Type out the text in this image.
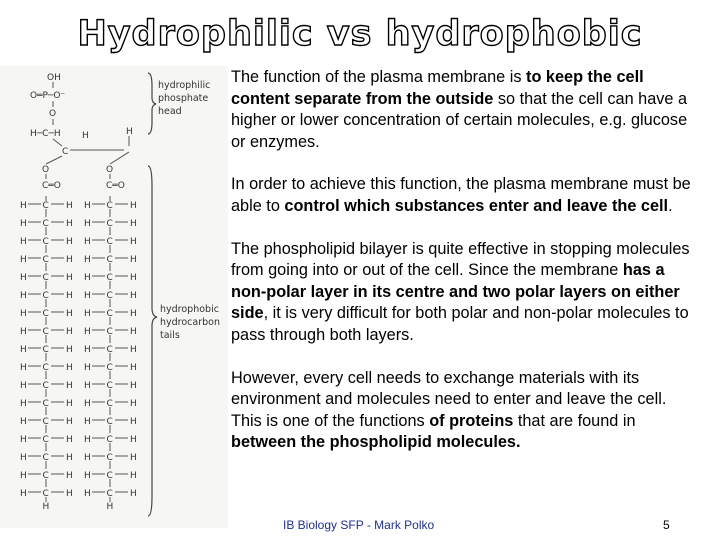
Hydrophilic vs hydrophobic
OH
O═P─O⁻
O
H─C─H H
C
H
O	O
C═O	C═O
H C H
H C H
H C H
H C H
H C H
H C H
H C H
H C H
H C H
H C H
H C H
H C H
H C H
H C H
H C H
H C H
H C H
H
H C H
H C H
H C H
H C H
H C H
H C H
H C H
H C H
H C H
H C H
H C H
H C H
H C H
H C H
H C H
H C H
H C H
H
hydrophilic
phosphate
head
hydrophobic
hydrocarbon
tails

The function of the plasma membrane is to keep the cell content separate from the outside so that the cell can have a higher or lower concentration of certain molecules, e.g. glucose or enzymes.

In order to achieve this function, the plasma membrane must be able to control which substances enter and leave the cell.

The phospholipid bilayer is quite effective in stopping molecules from going into or out of the cell. Since the membrane has a non-polar layer in its centre and two polar layers on either side, it is very difficult for both polar and non-polar molecules to pass through both layers.

However, every cell needs to exchange materials with its environment and molecules need to enter and leave the cell. This is one of the functions of proteins that are found in between the phospholipid molecules.

IB Biology SFP - Mark Polko	5
